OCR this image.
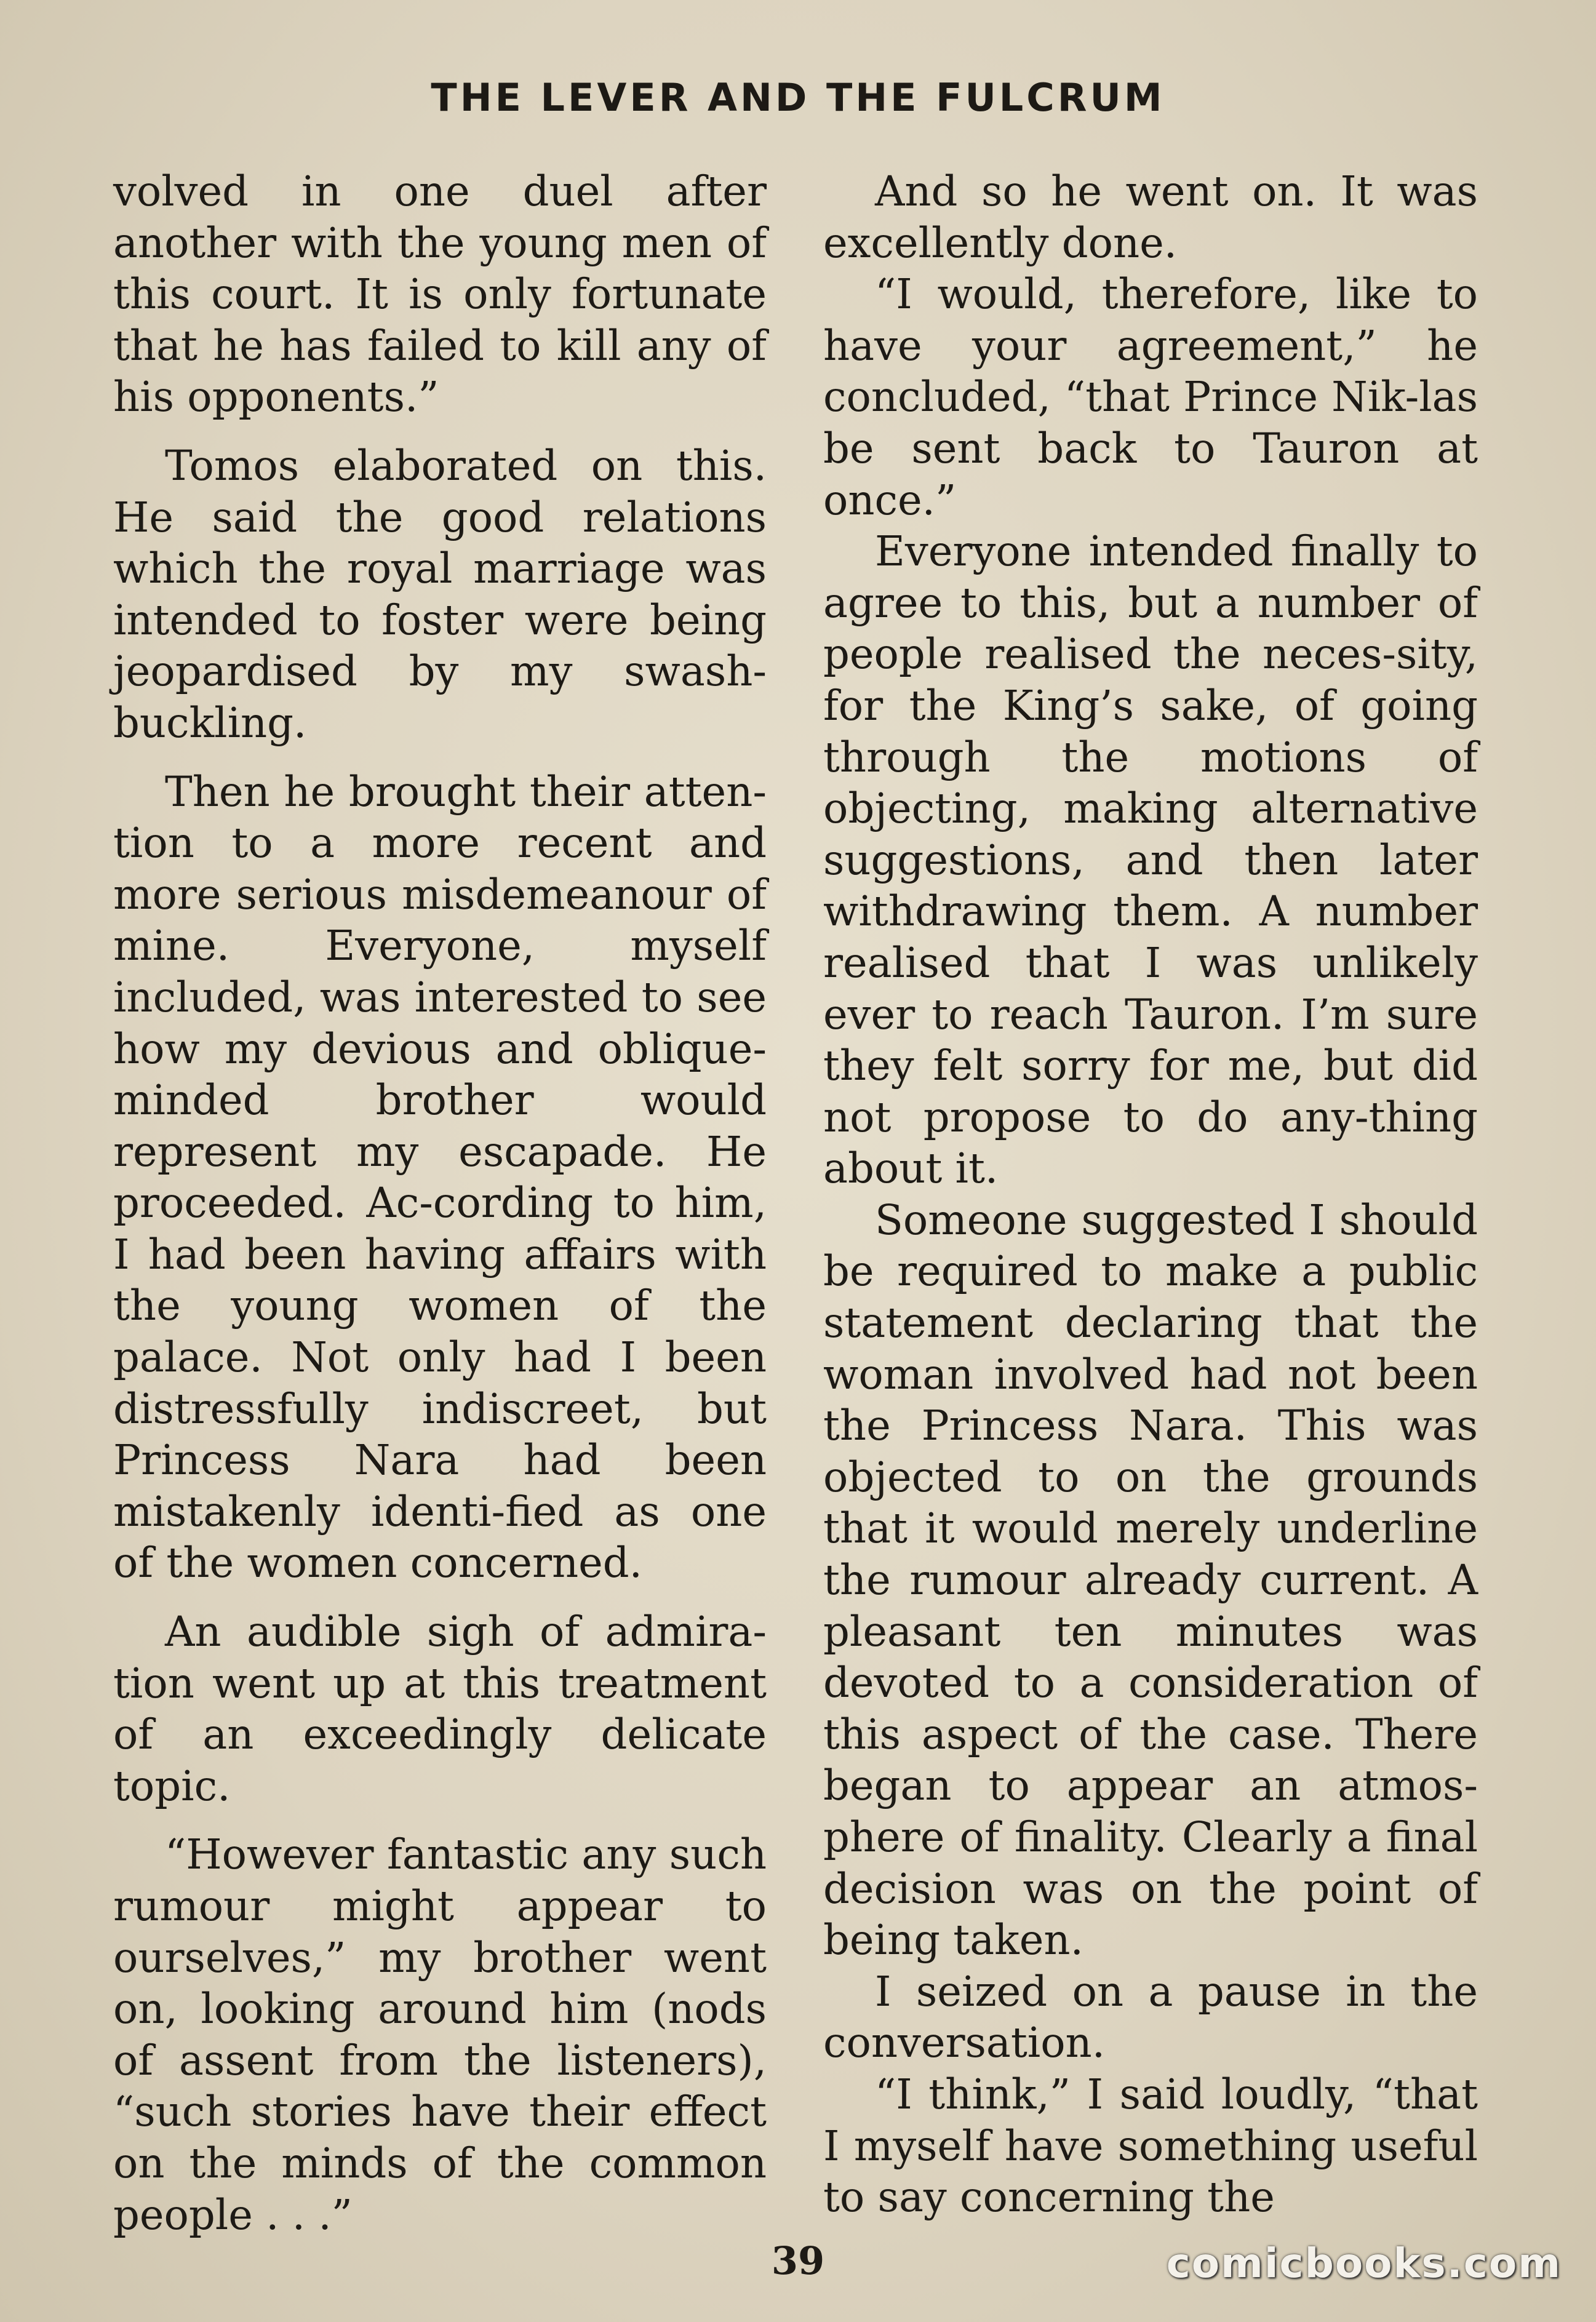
THE LEVER AND THE FULCRUM

volved in one duel after another with the young men of this court. It is only fortunate that he has failed to kill any of his opponents.”

Tomos elaborated on this. He said the good relations which the royal marriage was intended to foster were being jeopardised by my swash-buckling.

Then he brought their atten-tion to a more recent and more serious misdemeanour of mine. Everyone, myself included, was interested to see how my devious and oblique-minded brother would represent my escapade. He proceeded. Ac-cording to him, I had been having affairs with the young women of the palace. Not only had I been distressfully indiscreet, but Princess Nara had been mistakenly identi-fied as one of the women concerned.

An audible sigh of admira-tion went up at this treatment of an exceedingly delicate topic.

“However fantastic any such rumour might appear to ourselves,” my brother went on, looking around him (nods of assent from the listeners), “such stories have their effect on the minds of the common people . . .”

And so he went on. It was excellently done.

“I would, therefore, like to have your agreement,” he concluded, “that Prince Nik-las be sent back to Tauron at once.”

Everyone intended finally to agree to this, but a number of people realised the neces-sity, for the King’s sake, of going through the motions of objecting, making alternative suggestions, and then later withdrawing them. A number realised that I was unlikely ever to reach Tauron. I’m sure they felt sorry for me, but did not propose to do any-thing about it.

Someone suggested I should be required to make a public statement declaring that the woman involved had not been the Princess Nara. This was objected to on the grounds that it would merely underline the rumour already current. A pleasant ten minutes was devoted to a consideration of this aspect of the case. There began to appear an atmos-phere of finality. Clearly a final decision was on the point of being taken.

I seized on a pause in the conversation.

“I think,” I said loudly, “that I myself have something useful to say concerning the

39	comicbooks.com
